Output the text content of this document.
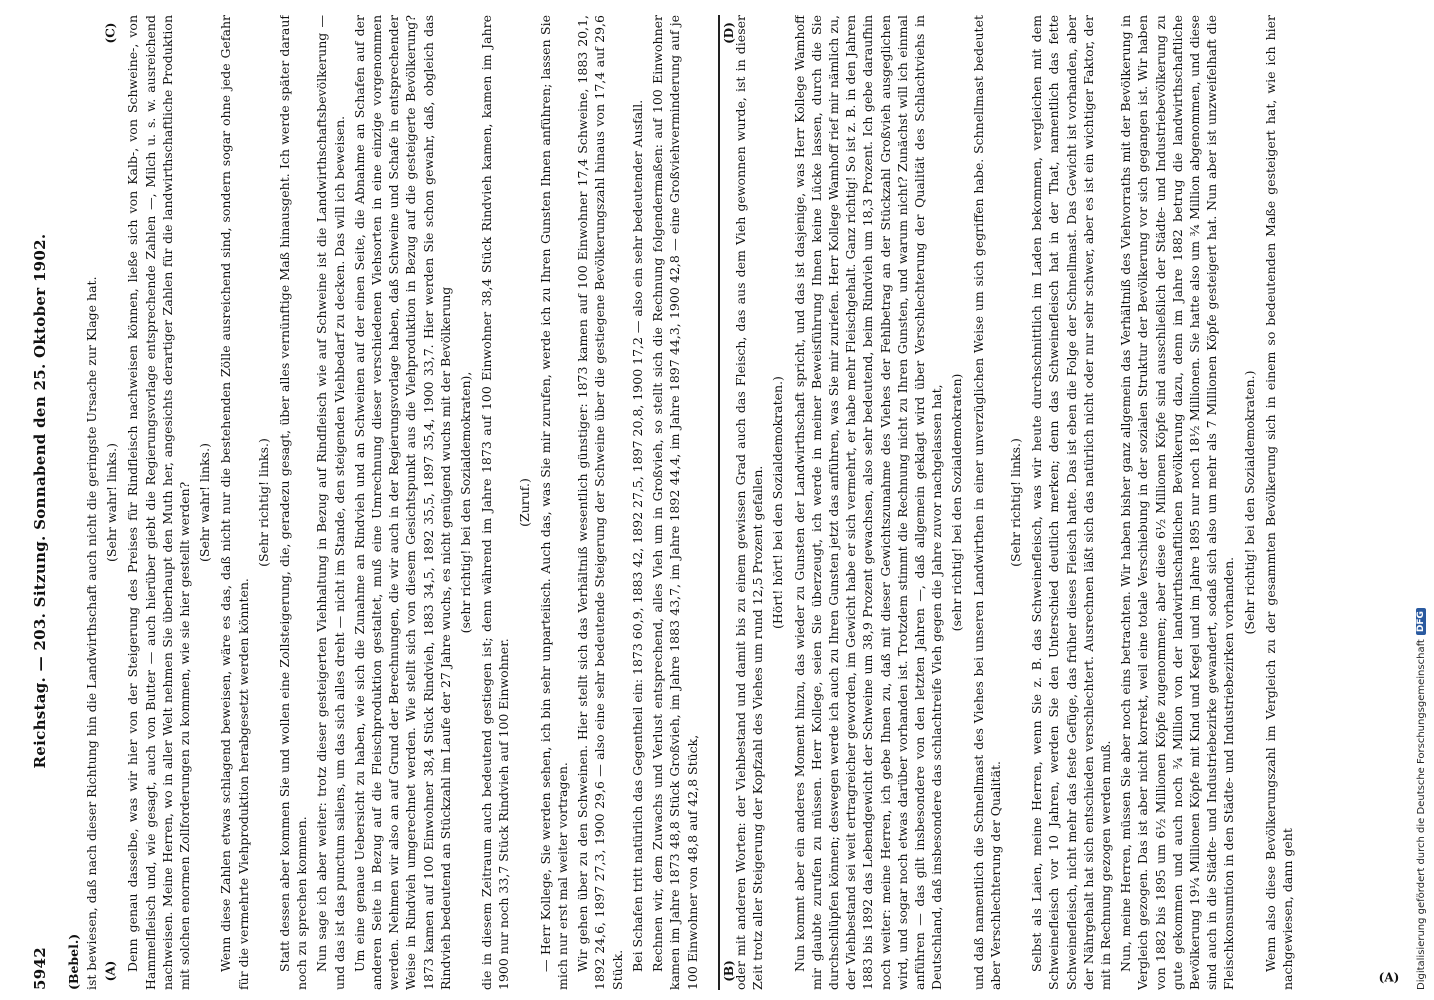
5942
Reichstag. — 203. Sitzung. Sonnabend den 25. Oktober 1902.
(Bebel.) ist bewiesen, daß nach dieser Richtung hin die Landwirthschaft auch nicht die geringste Ursache zur Klage hat. (Sehr wahr! links.) Denn genau dasselbe, was wir hier von der Steigerung des Preises für Rindfleisch nachweisen können, ließe sich von Kalb-, von Schweine-, von Hammelfleisch und, wie gesagt, auch von Butter — auch hierüber giebt die Regierungsvorlage entsprechende Zahlen —, Milch u. s. w. ausreichend nachweisen. Meine Herren, wo in aller Welt nehmen Sie überhaupt den Muth her, angesichts derartiger Zahlen für die landwirthschaftliche Produktion mit solchen enormen Zollforderungen zu kommen, wie sie hier gestellt werden? (Sehr wahr! links.) Wenn diese Zahlen etwas schlagend beweisen, wäre es das, daß nicht nur die bestehenden Zölle ausreichend sind, sondern sogar ohne jede Gefahr für die vermehrte Viehproduktion herabgesetzt werden könnten.

(Sehr richtig! links.) Statt dessen aber kommen Sie und wollen eine Zollsteigerung, die, geradezu gesagt, über alles vernünftige Maß hinausgeht. Ich werde später darauf noch zu sprechen kommen. Nun sage ich aber weiter: trotz dieser gesteigerten Viehhaltung in Bezug auf Rindfleisch wie auf Schweine ist die Landwirthschaftsbevölkerung — und das ist das punctum saliens, um das sich alles dreht — nicht im Stande, den steigenden Viehbedarf zu decken. Das will ich beweisen. Um eine genaue Uebersicht zu haben, wie sich die Zunahme an Rindvieh und an Schweinen auf der einen Seite, die Abnahme an Schafen auf der anderen Seite in Bezug auf die Fleischproduktion gestaltet, muß eine Umrechnung dieser verschiedenen Viehsorten in eine einzige vorgenommen werden. Nehmen wir also an auf Grund der Berechnungen, die wir auch in der Regierungsvorlage haben, daß Schweine und Schafe in entsprechender Weise in Rindvieh umgerechnet werden. Wie stellt sich von diesem Gesichtspunkt aus die Viehproduktion in Bezug auf die gesteigerte Bevölkerung? 1873 kamen auf 100 Einwohner 38,4 Stück Rindvieh, 1883 34,5, 1892 35,5, 1897 35,4, 1900 33,7. Hier werden Sie schon gewahr, daß, obgleich das Rindvieh bedeutend an Stückzahl im Laufe der 27 Jahre wuchs, es nicht genügend wuchs mit der Bevölkerung (sehr richtig! bei den Sozialdemokraten), die in diesem Zeitraum auch bedeutend gestiegen ist; denn während im Jahre 1873 auf 100 Einwohner 38,4 Stück Rindvieh kamen, kamen im Jahre 1900 nur noch 33,7 Stück Rindvieh auf 100 Einwohner.

(Zuruf.) — Herr Kollege, Sie werden sehen, ich bin sehr unparteiisch. Auch das, was Sie mir zurufen, werde ich zu Ihren Gunsten Ihnen anführen; lassen Sie mich nur erst mal weiter vortragen. Wir gehen über zu den Schweinen. Hier stellt sich das Verhältniß wesentlich günstiger: 1873 kamen auf 100 Einwohner 17,4 Schweine, 1883 20,1, 1892 24,6, 1897 27,3, 1900 29,6 — also eine sehr bedeutende Steigerung der Schweine über die gestiegene Bevölkerungszahl hinaus von 17,4 auf 29,6 Stück. Bei Schafen tritt natürlich das Gegentheil ein: 1873 60,9, 1883 42, 1892 27,5, 1897 20,8, 1900 17,2 — also ein sehr bedeutender Ausfall. Rechnen wir, dem Zuwachs und Verlust entsprechend, alles Vieh um in Großvieh, so stellt sich die Rechnung folgendermaßen: auf 100 Einwohner kamen im Jahre 1873 48,8 Stück Großvieh, im Jahre 1883 43,7, im Jahre 1892 44,4, im Jahre 1897 44,3, 1900 42,8 — eine Großviehverminderung auf je 100 Einwohner von 48,8 auf 42,8 Stück,	oder mit anderen Worten: der Viehbestand und damit bis zu einem gewissen Grad auch das Fleisch, das aus dem Vieh gewonnen wurde, ist in dieser Zeit trotz aller Steigerung der Kopfzahl des Viehes um rund 12,5 Prozent gefallen. (Hört! hört! bei den Sozialdemokraten.) Nun kommt aber ein anderes Moment hinzu, das wieder zu Gunsten der Landwirthschaft spricht, und das ist dasjenige, was Herr Kollege Wamhoff mir glaubte zurufen zu müssen. Herr Kollege, seien Sie überzeugt, ich werde in meiner Beweisführung Ihnen keine Lücke lassen, durch die Sie durchschlüpfen können; deswegen werde ich auch zu Ihren Gunsten jetzt das anführen, was Sie mir zuriefen. Herr Kollege Wamhoff rief mir nämlich zu, der Viehbestand sei weit ertragreicher geworden, im Gewicht habe er sich vermehrt, er habe mehr Fleischgehalt. Ganz richtig! So ist z. B. in den Jahren 1883 bis 1892 das Lebendgewicht der Schweine um 38,9 Prozent gewachsen, also sehr bedeutend, beim Rindvieh um 18,3 Prozent. Ich gebe daraufhin noch weiter: meine Herren, ich gebe Ihnen zu, daß mit dieser Gewichtszunahme des Viehes der Fehlbetrag an der Stückzahl Großvieh ausgeglichen wird, und sogar noch etwas darüber vorhanden ist. Trotzdem stimmt die Rechnung nicht zu Ihren Gunsten, und warum nicht? Zunächst will ich einmal anführen — das gilt insbesondere von den letzten Jahren —, daß allgemein geklagt wird über Verschlechterung der Qualität des Schlachtviehs in Deutschland, daß insbesondere das schlachtreife Vieh gegen die Jahre zuvor nachgelassen hat, (sehr richtig! bei den Sozialdemokraten) und daß namentlich die Schnellmast des Viehes bei unseren Landwirthen in einer unverzüglichen Weise um sich gegriffen habe. Schnellmast bedeutet aber Verschlechterung der Qualität.

(Sehr richtig! links.) Selbst als Laien, meine Herren, wenn Sie z. B. das Schweinefleisch, was wir heute durchschnittlich im Laden bekommen, vergleichen mit dem Schweinefleisch vor 10 Jahren, werden Sie den Unterschied deutlich merken; denn das Schweinefleisch hat in der That, namentlich das fette Schweinefleisch, nicht mehr das feste Gefüge, das früher dieses Fleisch hatte. Das ist eben die Folge der Schnellmast. Das Gewicht ist vorhanden, aber der Nährgehalt hat sich entschieden verschlechtert. Ausrechnen läßt sich das natürlich nicht oder nur sehr schwer, aber es ist ein wichtiger Faktor, der mit in Rechnung gezogen werden muß. Nun, meine Herren, müssen Sie aber noch eins betrachten. Wir haben bisher ganz allgemein das Verhältniß des Viehvorraths mit der Bevölkerung in Vergleich gezogen. Das ist aber nicht korrekt, weil eine totale Verschiebung in der sozialen Struktur der Bevölkerung vor sich gegangen ist. Wir haben von 1882 bis 1895 um 6½ Millionen Köpfe zugenommen; aber diese 6½ Millionen Köpfe sind ausschließlich der Städte- und Industriebevölkerung zu gute gekommen und auch noch ¾ Million von der landwirthschaftlichen Bevölkerung dazu, denn im Jahre 1882 betrug die landwirthschaftliche Bevölkerung 19¼ Millionen Köpfe mit Kind und Kegel und im Jahre 1895 nur noch 18½ Millionen. Sie hatte also um ¾ Million abgenommen, und diese sind auch in die Städte- und Industriebezirke gewandert, sodaß sich also um mehr als 7 Millionen Köpfe gesteigert hat. Nun aber ist unzweifelhaft die Fleischkonsumtion in den Städte- und Industriebezirken vorhanden.

(Sehr richtig! bei den Sozialdemokraten.) Wenn also diese Bevölkerungszahl im Vergleich zu der gesammten Bevölkerung sich in einem so bedeutenden Maße gesteigert hat, wie ich hier nachgewiesen, dann geht	(A)
(A)	(B)
(C)	(D)
Digitalisierung gefördert durch die Deutsche Forschungsgemeinschaft
DFG
